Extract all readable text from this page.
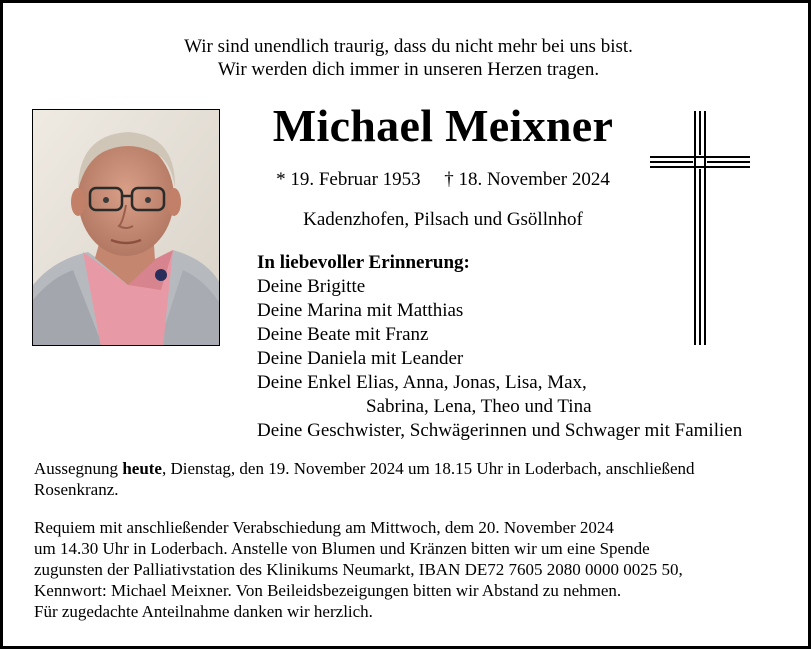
Wir sind unendlich traurig, dass du nicht mehr bei uns bist.
Wir werden dich immer in unseren Herzen tragen.
Michael Meixner
* 19. Februar 1953 † 18. November 2024
Kadenzhofen, Pilsach und Gsöllnhof
In liebevoller Erinnerung:
Deine Brigitte
Deine Marina mit Matthias
Deine Beate mit Franz
Deine Daniela mit Leander
Deine Enkel Elias, Anna, Jonas, Lisa, Max,
Sabrina, Lena, Theo und Tina
Deine Geschwister, Schwägerinnen und Schwager mit Familien
Aussegnung heute, Dienstag, den 19. November 2024 um 18.15 Uhr in Loderbach, anschließend
Rosenkranz.
Requiem mit anschließender Verabschiedung am Mittwoch, dem 20. November 2024
um 14.30 Uhr in Loderbach. Anstelle von Blumen und Kränzen bitten wir um eine Spende
zugunsten der Palliativstation des Klinikums Neumarkt, IBAN DE72 7605 2080 0000 0025 50,
Kennwort: Michael Meixner. Von Beileidsbezeigungen bitten wir Abstand zu nehmen.
Für zugedachte Anteilnahme danken wir herzlich.
